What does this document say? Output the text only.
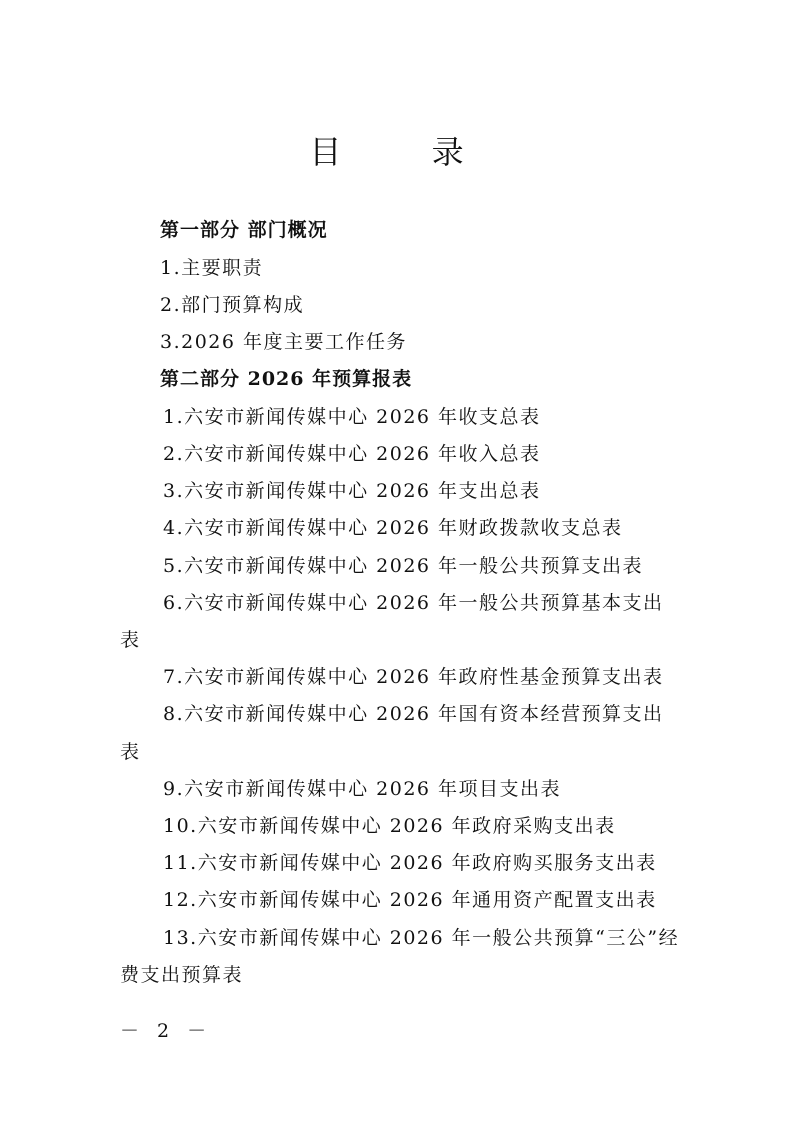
目 录
第一部分 部门概况
1.主要职责
2.部门预算构成
3.2026 年度主要工作任务
第二部分 2026 年预算报表
1.六安市新闻传媒中心 2026 年收支总表
2.六安市新闻传媒中心 2026 年收入总表
3.六安市新闻传媒中心 2026 年支出总表
4.六安市新闻传媒中心 2026 年财政拨款收支总表
5.六安市新闻传媒中心 2026 年一般公共预算支出表
6.六安市新闻传媒中心 2026 年一般公共预算基本支出
表
7.六安市新闻传媒中心 2026 年政府性基金预算支出表
8.六安市新闻传媒中心 2026 年国有资本经营预算支出
表
9.六安市新闻传媒中心 2026 年项目支出表
10.六安市新闻传媒中心 2026 年政府采购支出表
11.六安市新闻传媒中心 2026 年政府购买服务支出表
12.六安市新闻传媒中心 2026 年通用资产配置支出表
13.六安市新闻传媒中心 2026 年一般公共预算“三公”经
费支出预算表
－ 2 －
